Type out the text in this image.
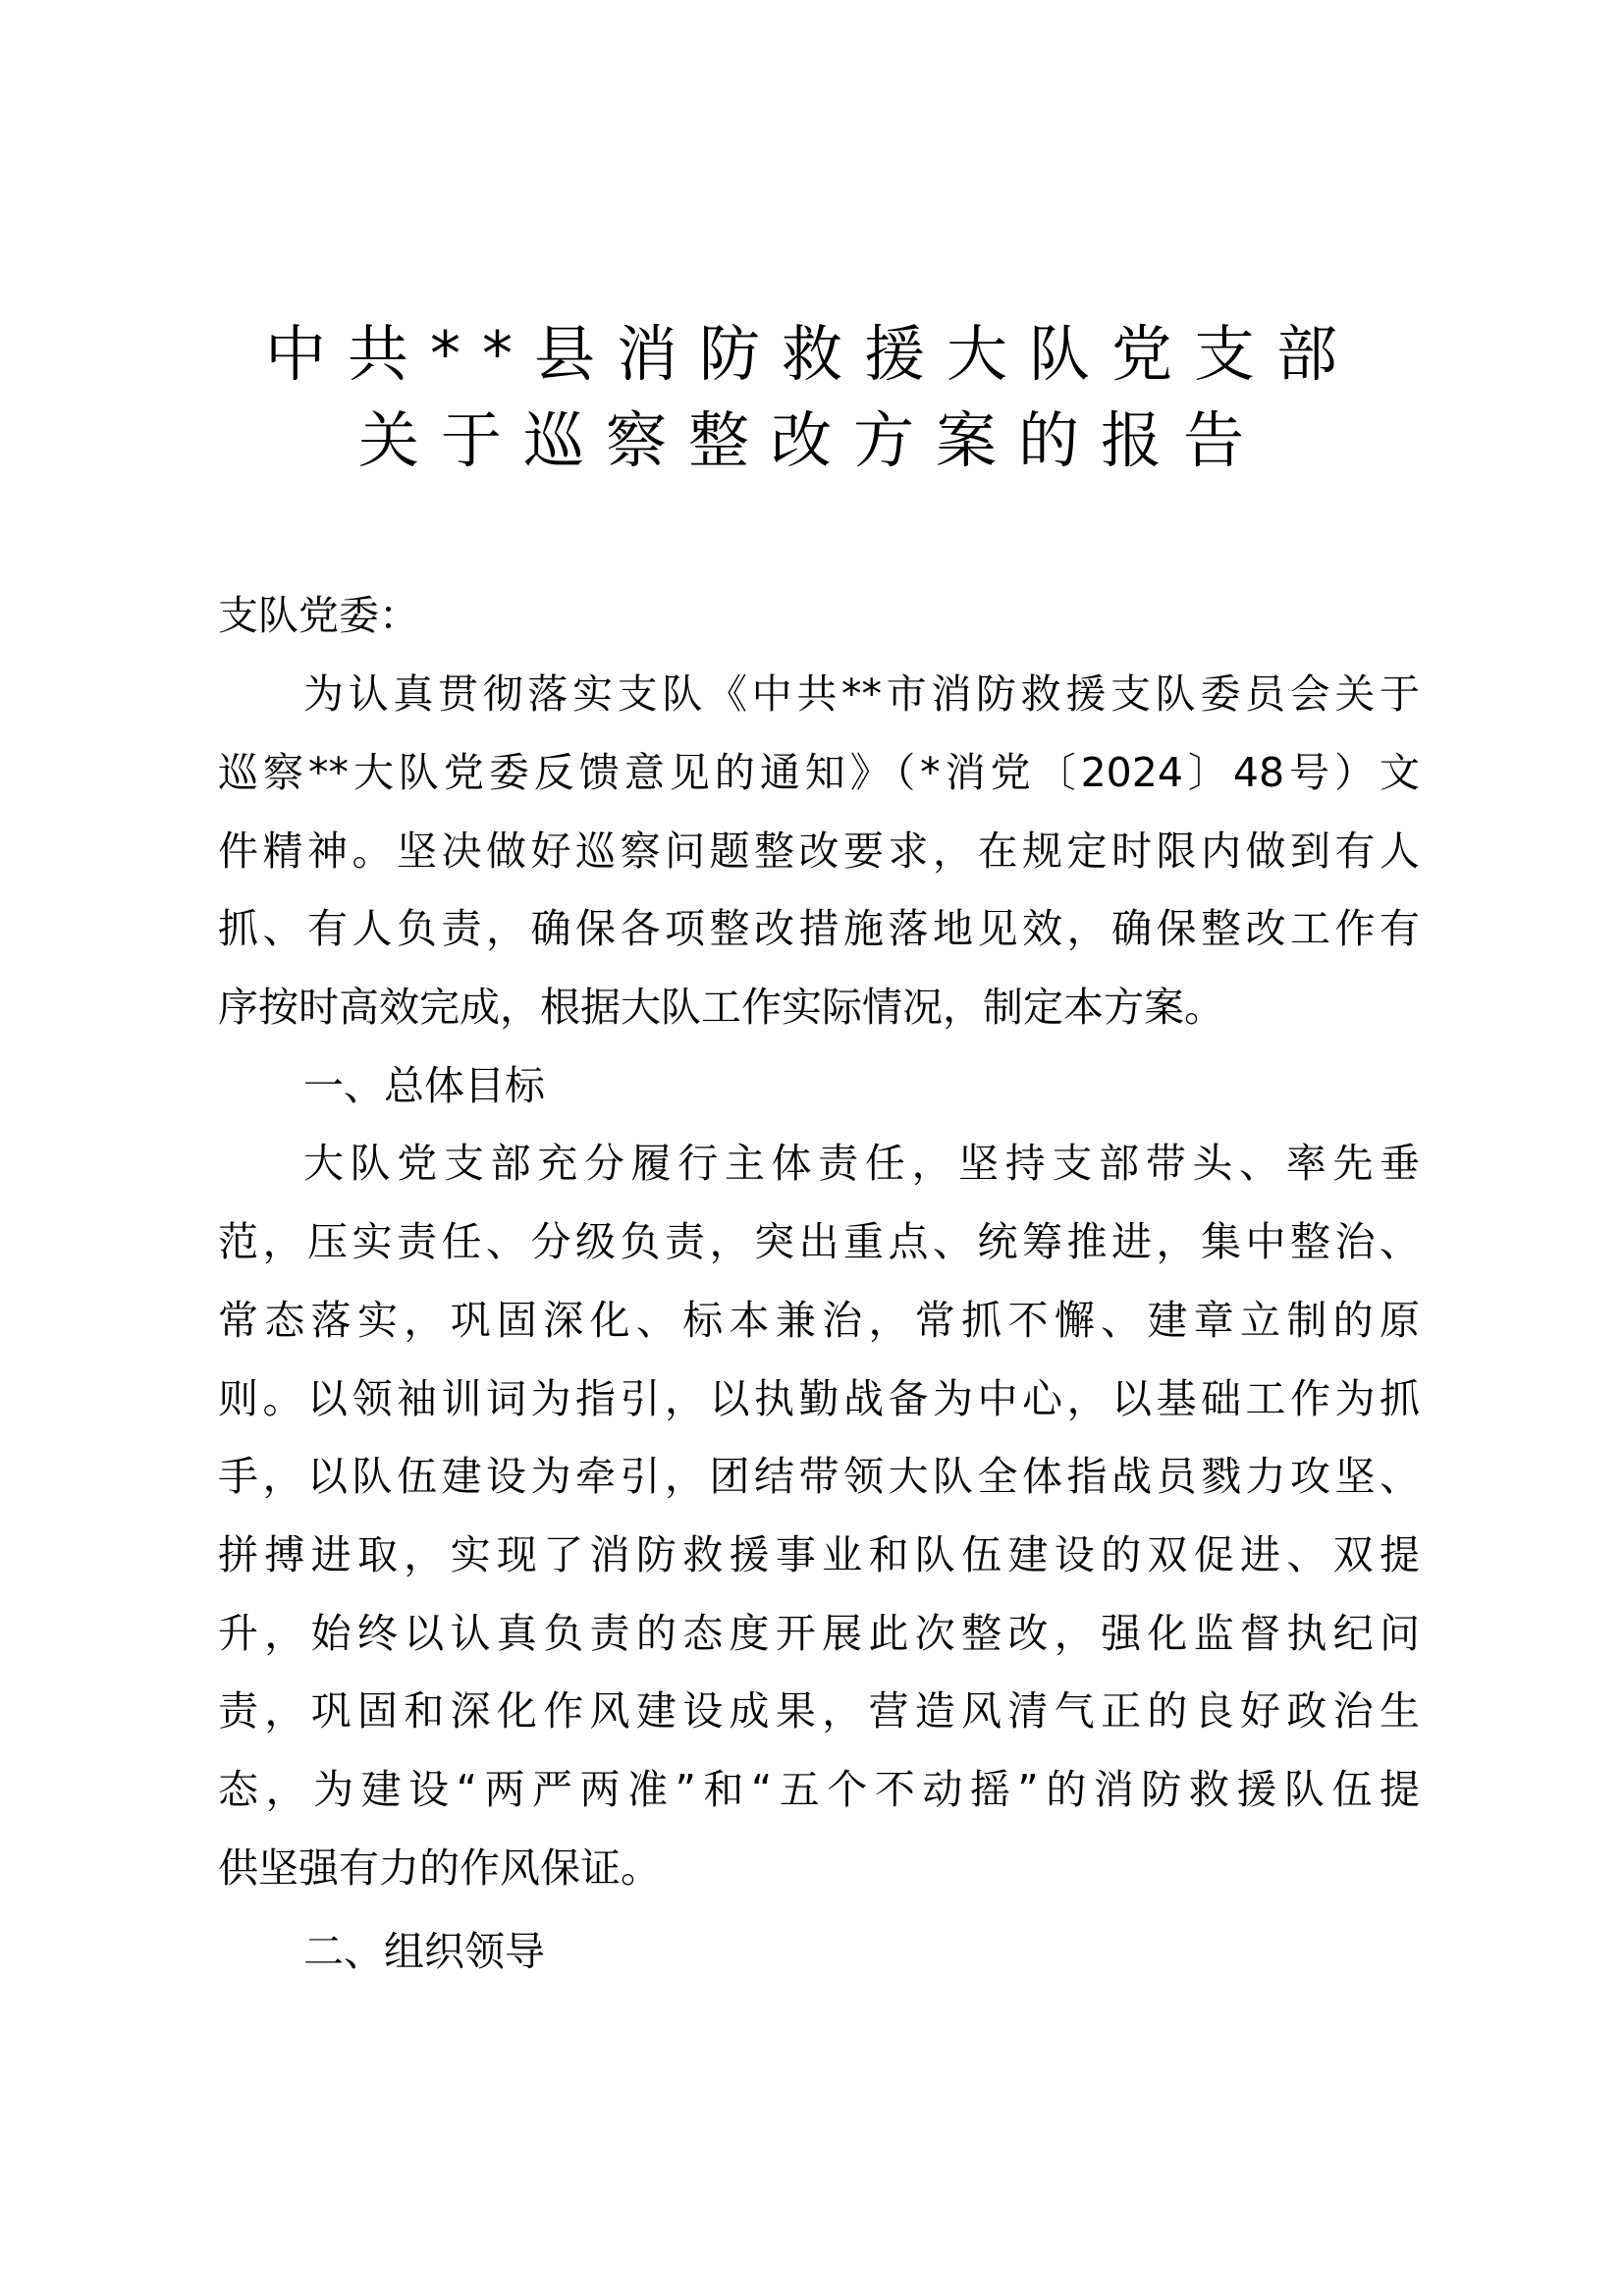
中共**县消防救援大队党支部
关于巡察整改方案的报告
支队党委：
为认真贯彻落实支队《中共**市消防救援支队委员会关于
巡察**大队党委反馈意见的通知》（*消党〔2024〕48号）文
件精神。坚决做好巡察问题整改要求，在规定时限内做到有人
抓、有人负责，确保各项整改措施落地见效，确保整改工作有
序按时高效完成，根据大队工作实际情况，制定本方案。
一、总体目标
大队党支部充分履行主体责任，坚持支部带头、率先垂
范，压实责任、分级负责，突出重点、统筹推进，集中整治、
常态落实，巩固深化、标本兼治，常抓不懈、建章立制的原
则。以领袖训词为指引，以执勤战备为中心，以基础工作为抓
手，以队伍建设为牵引，团结带领大队全体指战员戮力攻坚、
拼搏进取，实现了消防救援事业和队伍建设的双促进、双提
升，始终以认真负责的态度开展此次整改，强化监督执纪问
责，巩固和深化作风建设成果，营造风清气正的良好政治生
态，为建设“两严两准”和“五个不动摇”的消防救援队伍提
供坚强有力的作风保证。
二、组织领导
